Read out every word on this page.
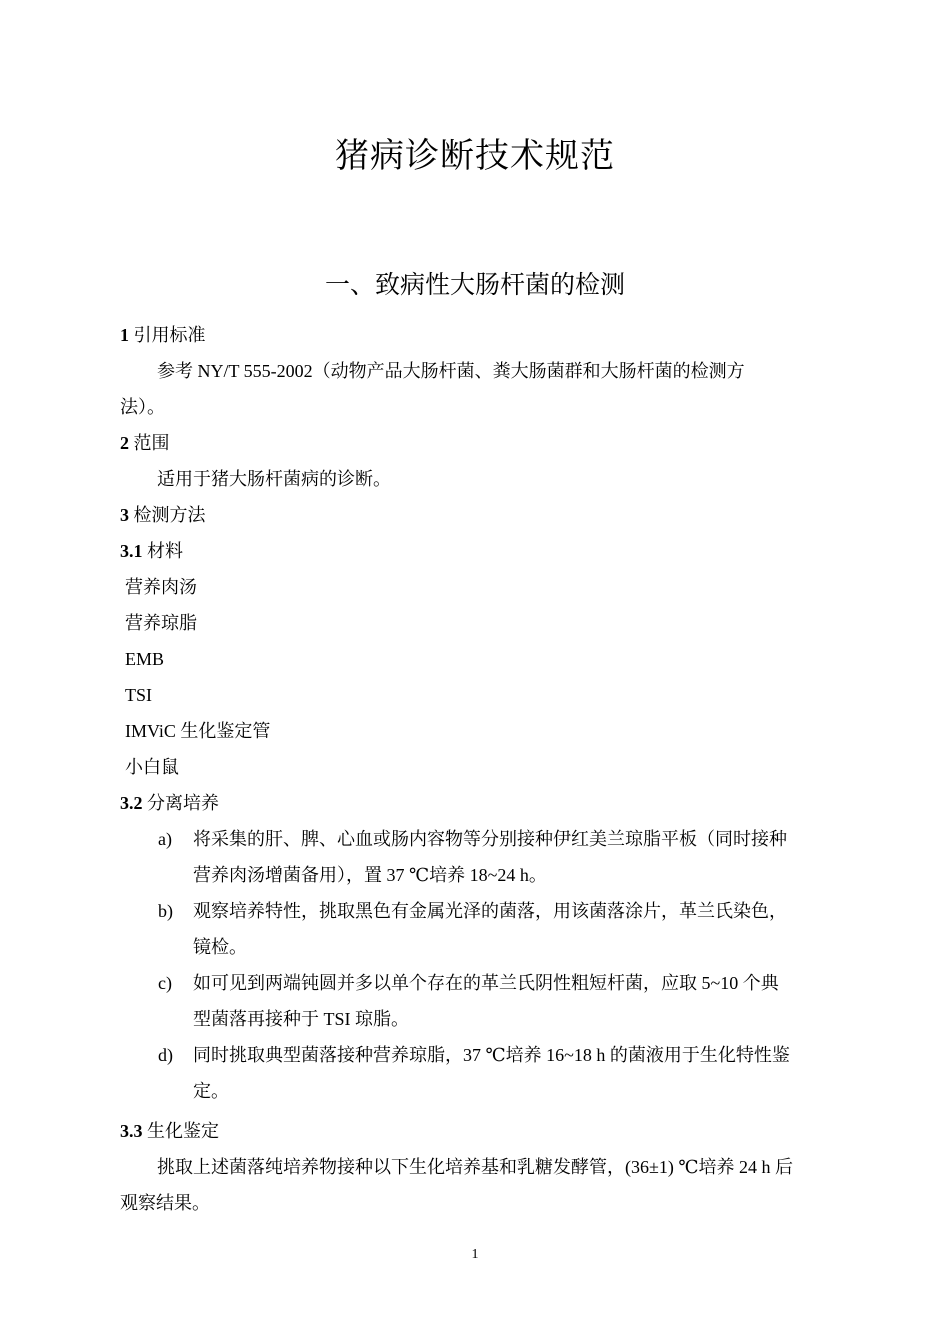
猪病诊断技术规范
一、致病性大肠杆菌的检测
1 引用标准
参考 NY/T 555-2002（动物产品大肠杆菌、粪大肠菌群和大肠杆菌的检测方
法）。
2 范围
适用于猪大肠杆菌病的诊断。
3 检测方法
3.1 材料
营养肉汤
营养琼脂
EMB
TSI
IMViC 生化鉴定管
小白鼠
3.2 分离培养
a) 将采集的肝、脾、心血或肠内容物等分别接种伊红美兰琼脂平板（同时接种
营养肉汤增菌备用），置 37 ℃培养 18~24 h。
b) 观察培养特性，挑取黑色有金属光泽的菌落，用该菌落涂片，革兰氏染色，
镜检。
c) 如可见到两端钝圆并多以单个存在的革兰氏阴性粗短杆菌，应取 5~10 个典
型菌落再接种于 TSI 琼脂。
d) 同时挑取典型菌落接种营养琼脂，37 ℃培养 16~18 h 的菌液用于生化特性鉴
定。
3.3 生化鉴定
挑取上述菌落纯培养物接种以下生化培养基和乳糖发酵管，(36±1) ℃培养 24 h 后
观察结果。
1
